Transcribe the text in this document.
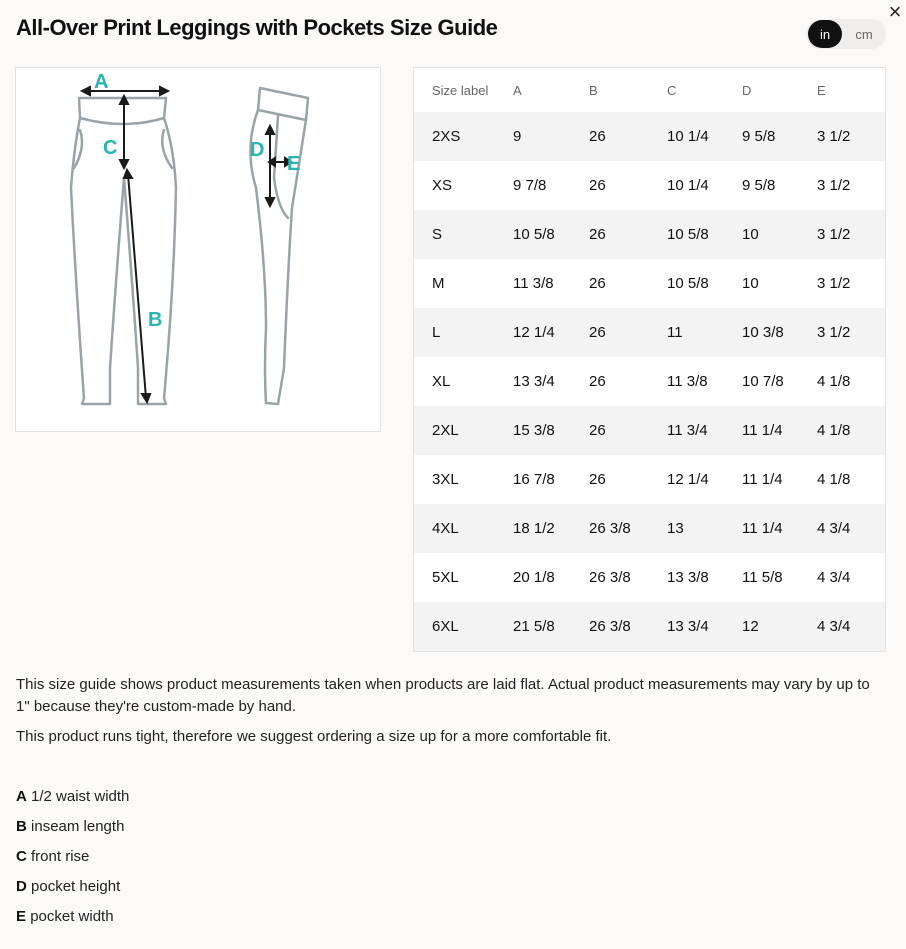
All-Over Print Leggings with Pockets Size Guide
×
in	cm
A
C
B
D
E
Size label	A	B	C	D	E
2XS	9	26	10 1/4	9 5/8	3 1/2
XS	9 7/8	26	10 1/4	9 5/8	3 1/2
S	10 5/8	26	10 5/8	10	3 1/2
M	11 3/8	26	10 5/8	10	3 1/2
L	12 1/4	26	11	10 3/8	3 1/2
XL	13 3/4	26	11 3/8	10 7/8	4 1/8
2XL	15 3/8	26	11 3/4	11 1/4	4 1/8
3XL	16 7/8	26	12 1/4	11 1/4	4 1/8
4XL	18 1/2	26 3/8	13	11 1/4	4 3/4
5XL	20 1/8	26 3/8	13 3/8	11 5/8	4 3/4
6XL	21 5/8	26 3/8	13 3/4	12	4 3/4

This size guide shows product measurements taken when products are laid flat. Actual product measurements may vary by up to 1" because they're custom-made by hand.

This product runs tight, therefore we suggest ordering a size up for a more comfortable fit.

A 1/2 waist width
B inseam length
C front rise
D pocket height
E pocket width
